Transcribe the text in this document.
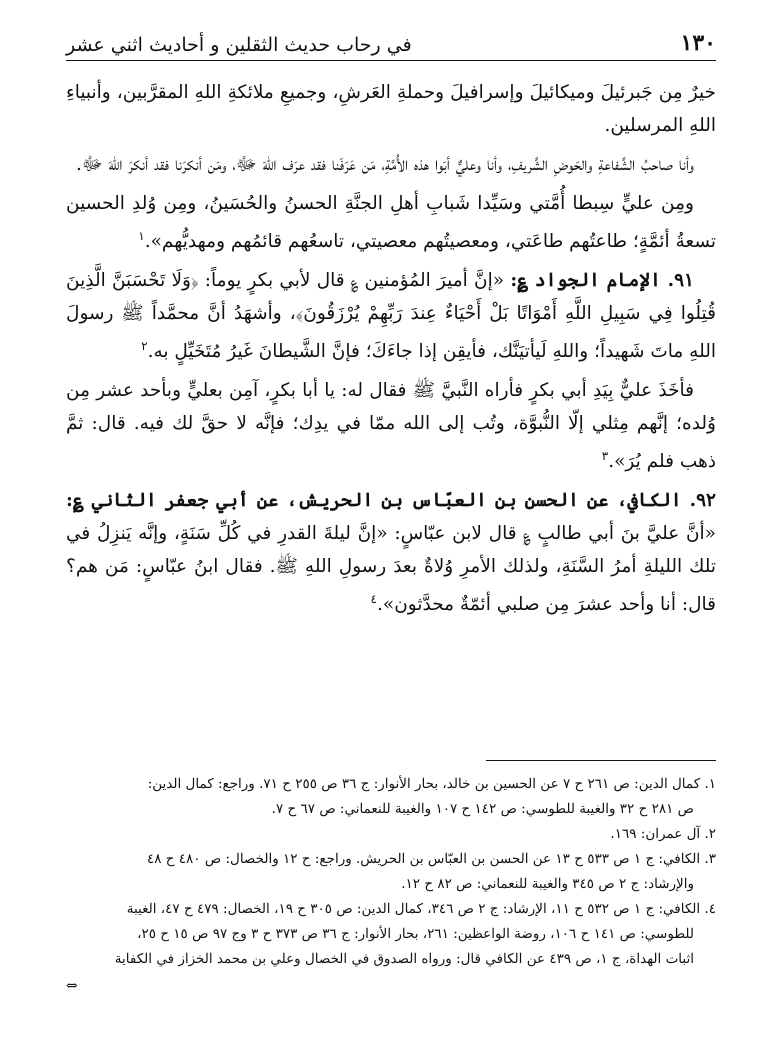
١٣٠
في رحاب حديث الثقلين و أحاديث اثني عشر

خيرٌ مِن جَبرئيلَ وميكائيلَ وإسرافيلَ وحملةِ العَرشِ، وجميعِ ملائكةِ اللهِ المقرَّبين، وأنبياءِ اللهِ المرسلين.

وأنا صاحبُ الشَّفاعةِ والحَوضِ الشَّريفِ، وأنا وعليٌّ أبَوا هذه الأُمَّةِ، مَن عَرَفَنا فقد عرَف اللهَ ﷻ، ومَن أنكرَنا فقد أنكرَ اللهَ ﷻ.

ومِن عليٍّ سِبطا أُمَّتي وسَيِّدا شَبابِ أهلِ الجنَّةِ الحسنُ والحُسَينُ، ومِن وُلدِ الحسين تسعةُ أئمَّةٍ؛ طاعتُهم طاعَتي، ومعصيتُهم معصيتي، تاسعُهم قائمُهم ومهديُّهم».$^١$

٩١. الإمام الجواد ؏: «إنَّ أميرَ المُؤمنين ؏ قال لأبي بكرٍ يوماً: ﴿وَلَا تَحْسَبَنَّ الَّذِينَ قُتِلُوا فِي سَبِيلِ اللَّهِ أَمْوَاتًا بَلْ أَحْيَاءٌ عِندَ رَبِّهِمْ يُرْزَقُونَ﴾، وأشهَدُ أنَّ محمَّداً ﷺ رسولَ اللهِ ماتَ شَهيداً؛ واللهِ لَيأتيَنَّك، فأيقِن إذا جاءَكَ؛ فإنَّ الشَّيطانَ غَيرُ مُتَخَيِّلٍ به.$^٢$

فأخَذَ عليٌّ بِيَدِ أبي بكرٍ فأراه النَّبيَّ ﷺ فقال له: يا أبا بكرٍ، آمِن بعليٍّ وبأحد عشر مِن وُلده؛ إنَّهم مِثلي إلّا النُّبوَّة، وتُب إلى الله ممّا في يدِك؛ فإنَّه لا حقَّ لك فيه. قال: ثمَّ ذهب فلم يُرَ».$^٣$

٩٢. الكافي، عن الحسن بن العبّاس بن الحريش، عن أبي جعفر الثاني ؏: «أنَّ عليَّ بنَ أبي طالبٍ ؏ قال لابن عبّاسٍ: «إنَّ ليلةَ القدرِ في كُلِّ سَنَةٍ، وإنَّه يَنزِلُ في تلك الليلةِ أمرُ السَّنَةِ، ولذلك الأمرِ وُلاةٌ بعدَ رسولِ اللهِ ﷺ. فقال ابنُ عبّاسٍ: مَن هم؟ قال: أنا وأحد عشرَ مِن صلبي أئمّةٌ محدَّثون».$^٤$

١. كمال الدين: ص ٢٦١ ح ٧ عن الحسين بن خالد، بحار الأنوار: ج ٣٦ ص ٢٥٥ ح ٧١. وراجع: كمال الدين:

ص ٢٨١ ح ٣٢ والغيبة للطوسي: ص ١٤٢ ح ١٠٧ والغيبة للنعماني: ص ٦٧ ح ٧.

٢. آل عمران: ١٦٩.

٣. الكافي: ج ١ ص ٥٣٣ ح ١٣ عن الحسن بن العبّاس بن الحريش. وراجع: ح ١٢ والخصال: ص ٤٨٠ ح ٤٨

والإرشاد: ج ٢ ص ٣٤٥ والغيبة للنعماني: ص ٨٢ ح ١٢.

٤. الكافي: ج ١ ص ٥٣٢ ح ١١، الإرشاد: ج ٢ ص ٣٤٦، كمال الدين: ص ٣٠٥ ح ١٩، الخصال: ٤٧٩ ح ٤٧، الغيبة

للطوسي: ص ١٤١ ح ١٠٦، روضة الواعظين: ٢٦١، بحار الأنوار: ج ٣٦ ص ٣٧٣ ح ٣ وج ٩٧ ص ١٥ ح ٢٥،

اثبات الهداة، ج ١، ص ٤٣٩ عن الكافي قال: ورواه الصدوق في الخصال وعلي بن محمد الخزاز في الكفاية

⇔
